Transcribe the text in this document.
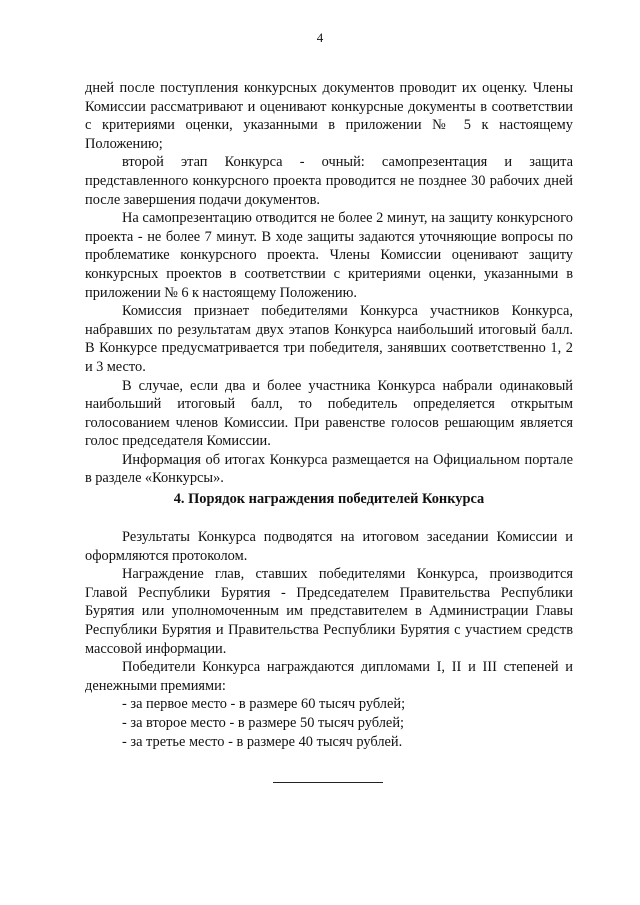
4

дней после поступления конкурсных документов проводит их оценку. Члены Комиссии рассматривают и оценивают конкурсные документы в соответствии с критериями оценки, указанными в приложении № 5 к настоящему Положению;

второй этап Конкурса - очный: самопрезентация и защита представленного конкурсного проекта проводится не позднее 30 рабочих дней после завершения подачи документов.

На самопрезентацию отводится не более 2 минут, на защиту конкурсного проекта - не более 7 минут. В ходе защиты задаются уточняющие вопросы по проблематике конкурсного проекта. Члены Комиссии оценивают защиту конкурсных проектов в соответствии с критериями оценки, указанными в приложении № 6 к настоящему Положению.

Комиссия признает победителями Конкурса участников Конкурса, набравших по результатам двух этапов Конкурса наибольший итоговый балл. В Конкурсе предусматривается три победителя, занявших соответственно 1, 2 и 3 место.

В случае, если два и более участника Конкурса набрали одинаковый наибольший итоговый балл, то победитель определяется открытым голосованием членов Комиссии. При равенстве голосов решающим является голос председателя Комиссии.

Информация об итогах Конкурса размещается на Официальном портале в разделе «Конкурсы».

4. Порядок награждения победителей Конкурса

Результаты Конкурса подводятся на итоговом заседании Комиссии и оформляются протоколом.

Награждение глав, ставших победителями Конкурса, производится Главой Республики Бурятия - Председателем Правительства Республики Бурятия или уполномоченным им представителем в Администрации Главы Республики Бурятия и Правительства Республики Бурятия с участием средств массовой информации.

Победители Конкурса награждаются дипломами I, II и III степеней и денежными премиями:

- за первое место - в размере 60 тысяч рублей;

- за второе место - в размере 50 тысяч рублей;

- за третье место - в размере 40 тысяч рублей.
